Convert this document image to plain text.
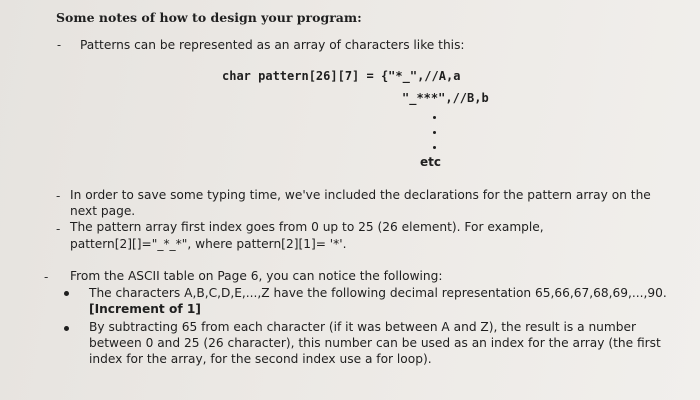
Some notes of how to design your program:
- Patterns can be represented as an array of characters like this:
char pattern[26][7] = {"*_",//A,a
"_***",//B,b
etc
- In order to save some typing time, we've included the declarations for the pattern array on the
next page.
- The pattern array first index goes from 0 up to 25 (26 element). For example,
pattern[2][]="_*_*", where pattern[2][1]= '*'.
- From the ASCII table on Page 6, you can notice the following:
The characters A,B,C,D,E,...,Z have the following decimal representation 65,66,67,68,69,...,90.
[Increment of 1]
By subtracting 65 from each character (if it was between A and Z), the result is a number
between 0 and 25 (26 character), this number can be used as an index for the array (the first
index for the array, for the second index use a for loop).
